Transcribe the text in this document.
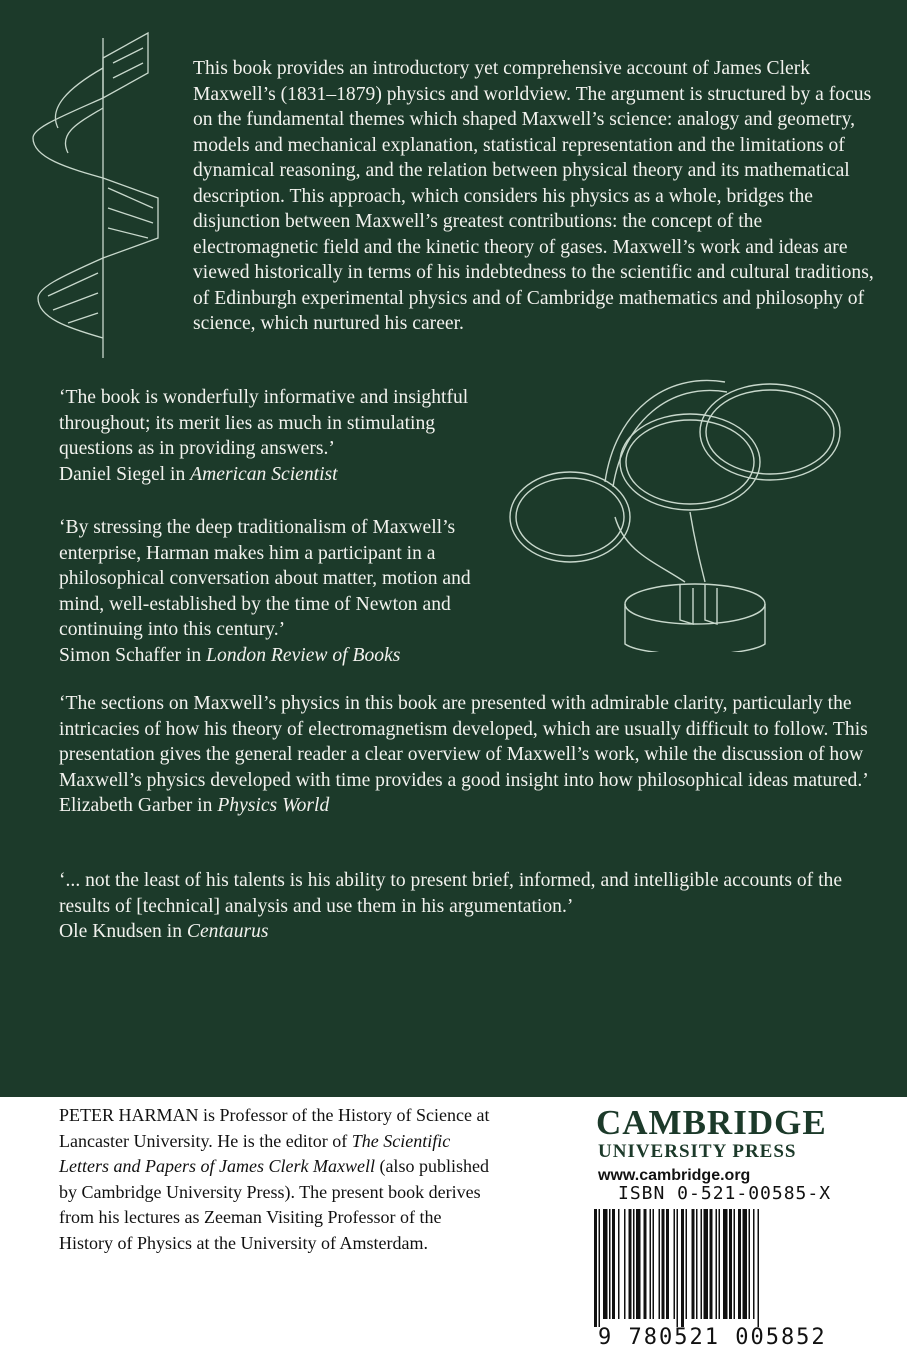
This book provides an introductory yet comprehensive account of James Clerk Maxwell’s (1831–1879) physics and worldview. The argument is structured by a focus on the fundamental themes which shaped Maxwell’s science: analogy and geometry, models and mechanical explanation, statistical representation and the limitations of dynamical reasoning, and the relation between physical theory and its mathematical description. This approach, which considers his physics as a whole, bridges the disjunction between Maxwell’s greatest contributions: the concept of the electromagnetic field and the kinetic theory of gases. Maxwell’s work and ideas are viewed historically in terms of his indebtedness to the scientific and cultural traditions, of Edinburgh experimental physics and of Cambridge mathematics and philosophy of science, which nurtured his career.
‘The book is wonderfully informative and insightful throughout; its merit lies as much in stimulating questions as in providing answers.’
Daniel Siegel in American Scientist
‘By stressing the deep traditionalism of Maxwell’s enterprise, Harman makes him a participant in a philosophical conversation about matter, motion and mind, well-established by the time of Newton and continuing into this century.’
Simon Schaffer in London Review of Books
‘The sections on Maxwell’s physics in this book are presented with admirable clarity, particularly the intricacies of how his theory of electromagnetism developed, which are usually difficult to follow. This presentation gives the general reader a clear overview of Maxwell’s work, while the discussion of how Maxwell’s physics developed with time provides a good insight into how philosophical ideas matured.’
Elizabeth Garber in Physics World
‘... not the least of his talents is his ability to present brief, informed, and intelligible accounts of the results of [technical] analysis and use them in his argumentation.’
Ole Knudsen in Centaurus
PETER HARMAN is Professor of the History of Science at Lancaster University. He is the editor of The Scientific Letters and Papers of James Clerk Maxwell (also published by Cambridge University Press). The present book derives from his lectures as Zeeman Visiting Professor of the History of Physics at the University of Amsterdam.
CAMBRIDGE
UNIVERSITY PRESS
www.cambridge.org
ISBN 0-521-00585-X
9 780521 005852
